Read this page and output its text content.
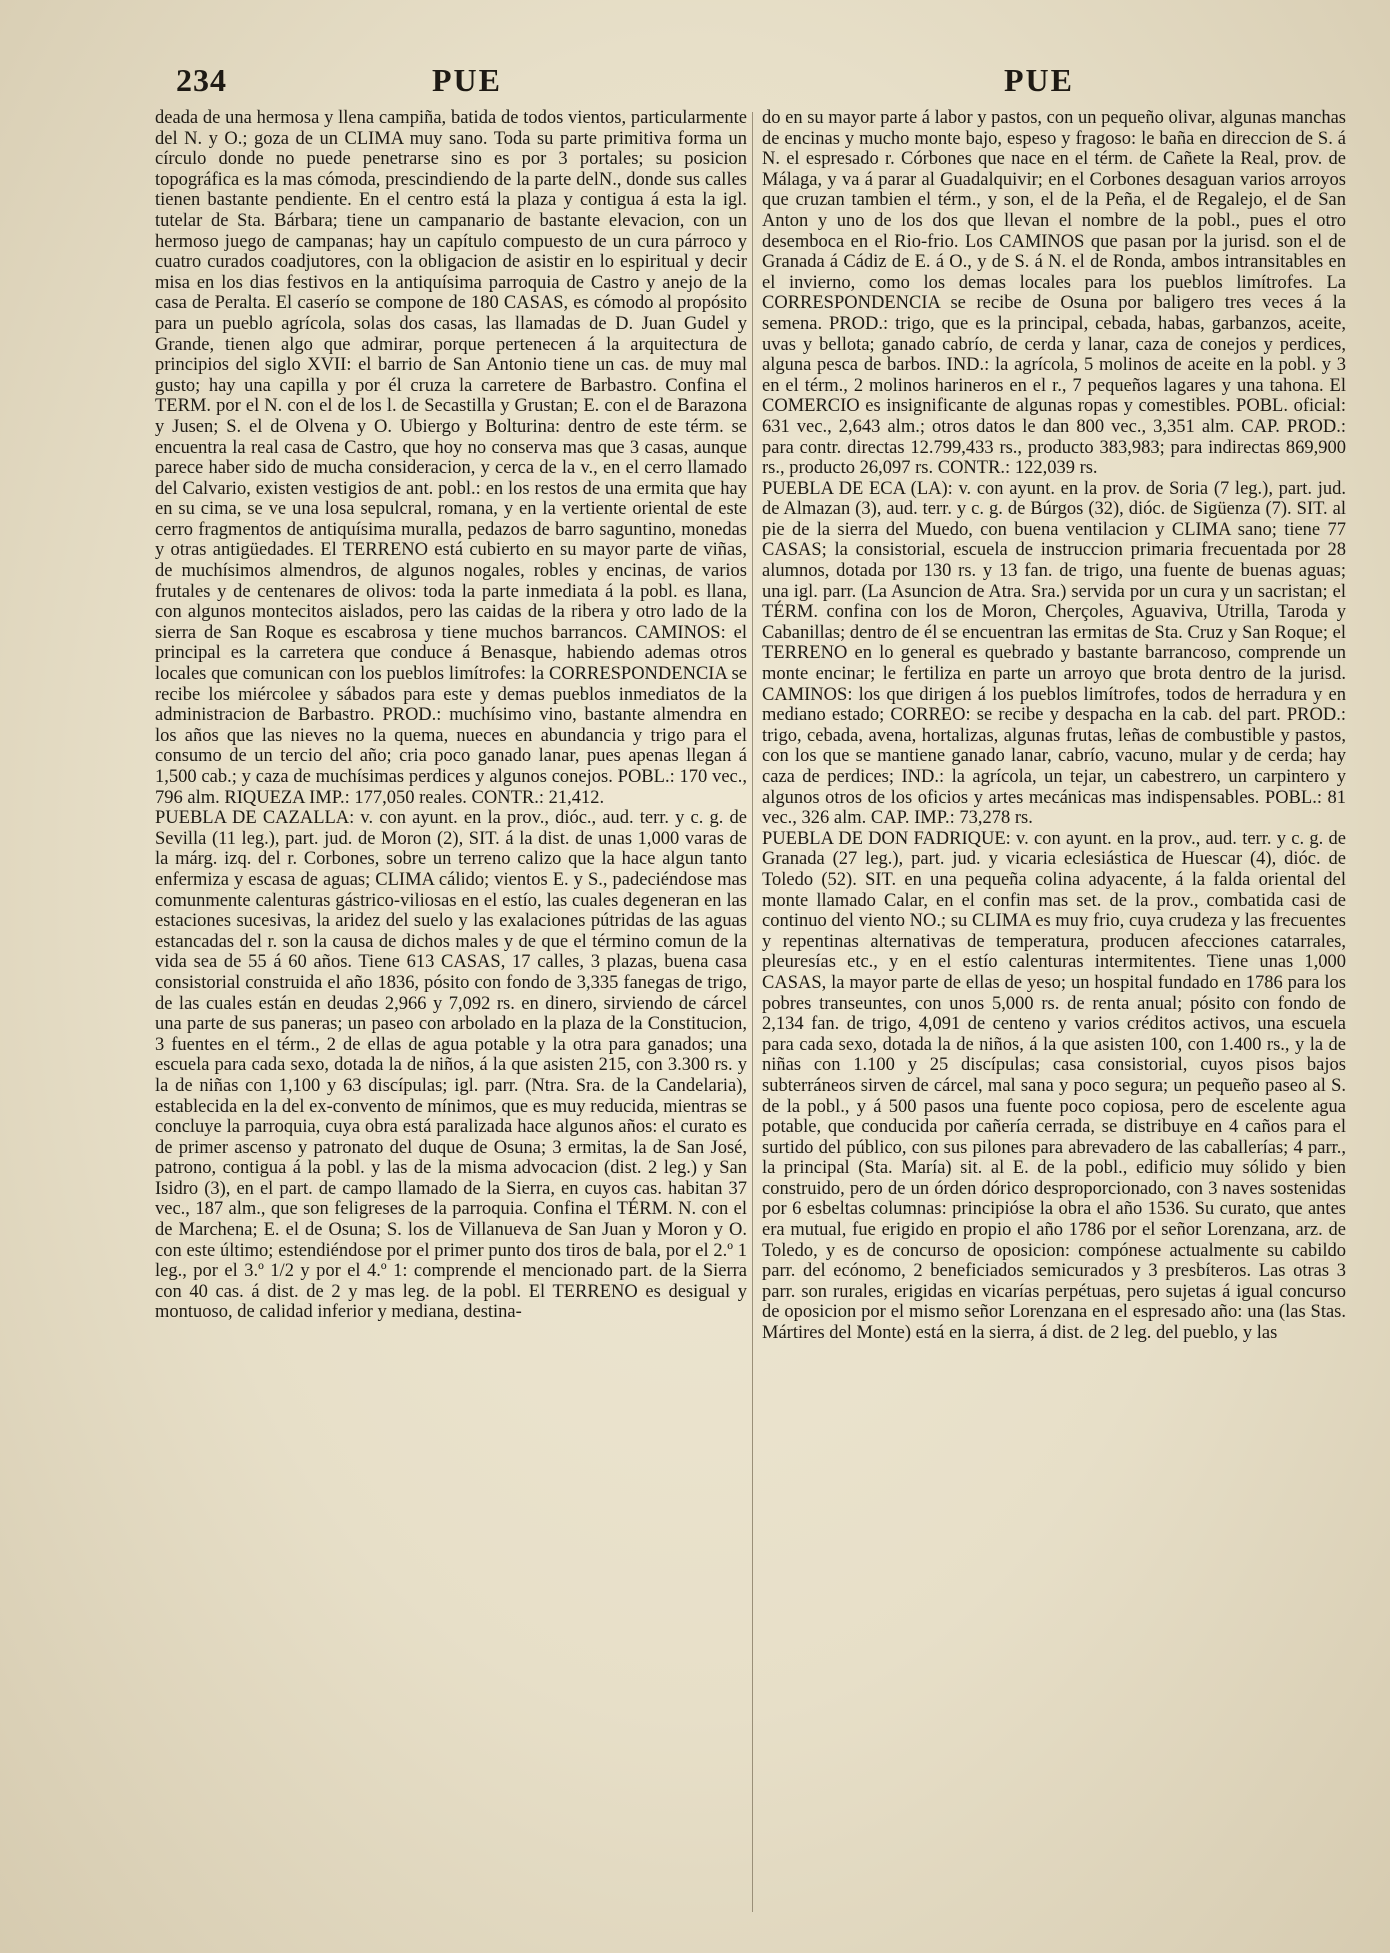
234	PUE	PUE

deada de una hermosa y llena campiña, batida de todos vientos, particularmente del N. y O.; goza de un CLIMA muy sano. Toda su parte primitiva forma un círculo donde no puede penetrarse sino es por 3 portales; su posicion topográfica es la mas cómoda, prescindiendo de la parte delN., donde sus calles tienen bastante pendiente. En el centro está la plaza y contigua á esta la igl. tutelar de Sta. Bárbara; tiene un campanario de bastante elevacion, con un hermoso juego de campanas; hay un capítulo compuesto de un cura párroco y cuatro curados coadjutores, con la obligacion de asistir en lo espiritual y decir misa en los dias festivos en la antiquísima parroquia de Castro y anejo de la casa de Peralta. El caserío se compone de 180 CASAS, es cómodo al propósito para un pueblo agrícola, solas dos casas, las llamadas de D. Juan Gudel y Grande, tienen algo que admirar, porque pertenecen á la arquitectura de principios del siglo XVII: el barrio de San Antonio tiene un cas. de muy mal gusto; hay una capilla y por él cruza la carretere de Barbastro. Confina el TERM. por el N. con el de los l. de Secastilla y Grustan; E. con el de Barazona y Jusen; S. el de Olvena y O. Ubiergo y Bolturina: dentro de este térm. se encuentra la real casa de Castro, que hoy no conserva mas que 3 casas, aunque parece haber sido de mucha consideracion, y cerca de la v., en el cerro llamado del Calvario, existen vestigios de ant. pobl.: en los restos de una ermita que hay en su cima, se ve una losa sepulcral, romana, y en la vertiente oriental de este cerro fragmentos de antiquísima muralla, pedazos de barro saguntino, monedas y otras antigüedades. El TERRENO está cubierto en su mayor parte de viñas, de muchísimos almendros, de algunos nogales, robles y encinas, de varios frutales y de centenares de olivos: toda la parte inmediata á la pobl. es llana, con algunos montecitos aislados, pero las caidas de la ribera y otro lado de la sierra de San Roque es escabrosa y tiene muchos barrancos. CAMINOS: el principal es la carretera que conduce á Benasque, habiendo ademas otros locales que comunican con los pueblos limítrofes: la CORRESPONDENCIA se recibe los miércolee y sábados para este y demas pueblos inmediatos de la administracion de Barbastro. PROD.: muchísimo vino, bastante almendra en los años que las nieves no la quema, nueces en abundancia y trigo para el consumo de un tercio del año; cria poco ganado lanar, pues apenas llegan á 1,500 cab.; y caza de muchísimas perdices y algunos conejos. POBL.: 170 vec., 796 alm. RIQUEZA IMP.: 177,050 reales. CONTR.: 21,412.

PUEBLA DE CAZALLA: v. con ayunt. en la prov., dióc., aud. terr. y c. g. de Sevilla (11 leg.), part. jud. de Moron (2), SIT. á la dist. de unas 1,000 varas de la márg. izq. del r. Corbones, sobre un terreno calizo que la hace algun tanto enfermiza y escasa de aguas; CLIMA cálido; vientos E. y S., padeciéndose mas comunmente calenturas gástrico-viliosas en el estío, las cuales degeneran en las estaciones sucesivas, la aridez del suelo y las exalaciones pútridas de las aguas estancadas del r. son la causa de dichos males y de que el término comun de la vida sea de 55 á 60 años. Tiene 613 CASAS, 17 calles, 3 plazas, buena casa consistorial construida el año 1836, pósito con fondo de 3,335 fanegas de trigo, de las cuales están en deudas 2,966 y 7,092 rs. en dinero, sirviendo de cárcel una parte de sus paneras; un paseo con arbolado en la plaza de la Constitucion, 3 fuentes en el térm., 2 de ellas de agua potable y la otra para ganados; una escuela para cada sexo, dotada la de niños, á la que asisten 215, con 3.300 rs. y la de niñas con 1,100 y 63 discípulas; igl. parr. (Ntra. Sra. de la Candelaria), establecida en la del ex-convento de mínimos, que es muy reducida, mientras se concluye la parroquia, cuya obra está paralizada hace algunos años: el curato es de primer ascenso y patronato del duque de Osuna; 3 ermitas, la de San José, patrono, contigua á la pobl. y las de la misma advocacion (dist. 2 leg.) y San Isidro (3), en el part. de campo llamado de la Sierra, en cuyos cas. habitan 37 vec., 187 alm., que son feligreses de la parroquia. Confina el TÉRM. N. con el de Marchena; E. el de Osuna; S. los de Villanueva de San Juan y Moron y O. con este último; estendiéndose por el primer punto dos tiros de bala, por el 2.º 1 leg., por el 3.º 1/2 y por el 4.º 1: comprende el mencionado part. de la Sierra con 40 cas. á dist. de 2 y mas leg. de la pobl. El TERRENO es desigual y montuoso, de calidad inferior y mediana, destina-

do en su mayor parte á labor y pastos, con un pequeño olivar, algunas manchas de encinas y mucho monte bajo, espeso y fragoso: le baña en direccion de S. á N. el espresado r. Córbones que nace en el térm. de Cañete la Real, prov. de Málaga, y va á parar al Guadalquivir; en el Corbones desaguan varios arroyos que cruzan tambien el térm., y son, el de la Peña, el de Regalejo, el de San Anton y uno de los dos que llevan el nombre de la pobl., pues el otro desemboca en el Rio-frio. Los CAMINOS que pasan por la jurisd. son el de Granada á Cádiz de E. á O., y de S. á N. el de Ronda, ambos intransitables en el invierno, como los demas locales para los pueblos limítrofes. La CORRESPONDENCIA se recibe de Osuna por baligero tres veces á la semena. PROD.: trigo, que es la principal, cebada, habas, garbanzos, aceite, uvas y bellota; ganado cabrío, de cerda y lanar, caza de conejos y perdices, alguna pesca de barbos. IND.: la agrícola, 5 molinos de aceite en la pobl. y 3 en el térm., 2 molinos harineros en el r., 7 pequeños lagares y una tahona. El COMERCIO es insignificante de algunas ropas y comestibles. POBL. oficial: 631 vec., 2,643 alm.; otros datos le dan 800 vec., 3,351 alm. CAP. PROD.: para contr. directas 12.799,433 rs., producto 383,983; para indirectas 869,900 rs., producto 26,097 rs. CONTR.: 122,039 rs.

PUEBLA DE ECA (LA): v. con ayunt. en la prov. de Soria (7 leg.), part. jud. de Almazan (3), aud. terr. y c. g. de Búrgos (32), dióc. de Sigüenza (7). SIT. al pie de la sierra del Muedo, con buena ventilacion y CLIMA sano; tiene 77 CASAS; la consistorial, escuela de instruccion primaria frecuentada por 28 alumnos, dotada por 130 rs. y 13 fan. de trigo, una fuente de buenas aguas; una igl. parr. (La Asuncion de Atra. Sra.) servida por un cura y un sacristan; el TÉRM. confina con los de Moron, Cherçoles, Aguaviva, Utrilla, Taroda y Cabanillas; dentro de él se encuentran las ermitas de Sta. Cruz y San Roque; el TERRENO en lo general es quebrado y bastante barrancoso, comprende un monte encinar; le fertiliza en parte un arroyo que brota dentro de la jurisd. CAMINOS: los que dirigen á los pueblos limítrofes, todos de herradura y en mediano estado; CORREO: se recibe y despacha en la cab. del part. PROD.: trigo, cebada, avena, hortalizas, algunas frutas, leñas de combustible y pastos, con los que se mantiene ganado lanar, cabrío, vacuno, mular y de cerda; hay caza de perdices; IND.: la agrícola, un tejar, un cabestrero, un carpintero y algunos otros de los oficios y artes mecánicas mas indispensables. POBL.: 81 vec., 326 alm. CAP. IMP.: 73,278 rs.

PUEBLA DE DON FADRIQUE: v. con ayunt. en la prov., aud. terr. y c. g. de Granada (27 leg.), part. jud. y vicaria eclesiástica de Huescar (4), dióc. de Toledo (52). SIT. en una pequeña colina adyacente, á la falda oriental del monte llamado Calar, en el confin mas set. de la prov., combatida casi de continuo del viento NO.; su CLIMA es muy frio, cuya crudeza y las frecuentes y repentinas alternativas de temperatura, producen afecciones catarrales, pleuresías etc., y en el estío calenturas intermitentes. Tiene unas 1,000 CASAS, la mayor parte de ellas de yeso; un hospital fundado en 1786 para los pobres transeuntes, con unos 5,000 rs. de renta anual; pósito con fondo de 2,134 fan. de trigo, 4,091 de centeno y varios créditos activos, una escuela para cada sexo, dotada la de niños, á la que asisten 100, con 1.400 rs., y la de niñas con 1.100 y 25 discípulas; casa consistorial, cuyos pisos bajos subterráneos sirven de cárcel, mal sana y poco segura; un pequeño paseo al S. de la pobl., y á 500 pasos una fuente poco copiosa, pero de escelente agua potable, que conducida por cañería cerrada, se distribuye en 4 caños para el surtido del público, con sus pilones para abrevadero de las caballerías; 4 parr., la principal (Sta. María) sit. al E. de la pobl., edificio muy sólido y bien construido, pero de un órden dórico desproporcionado, con 3 naves sostenidas por 6 esbeltas columnas: principióse la obra el año 1536. Su curato, que antes era mutual, fue erigido en propio el año 1786 por el señor Lorenzana, arz. de Toledo, y es de concurso de oposicion: compónese actualmente su cabildo parr. del ecónomo, 2 beneficiados semicurados y 3 presbíteros. Las otras 3 parr. son rurales, erigidas en vicarías perpétuas, pero sujetas á igual concurso de oposicion por el mismo señor Lorenzana en el espresado año: una (las Stas. Mártires del Monte) está en la sierra, á dist. de 2 leg. del pueblo, y las
